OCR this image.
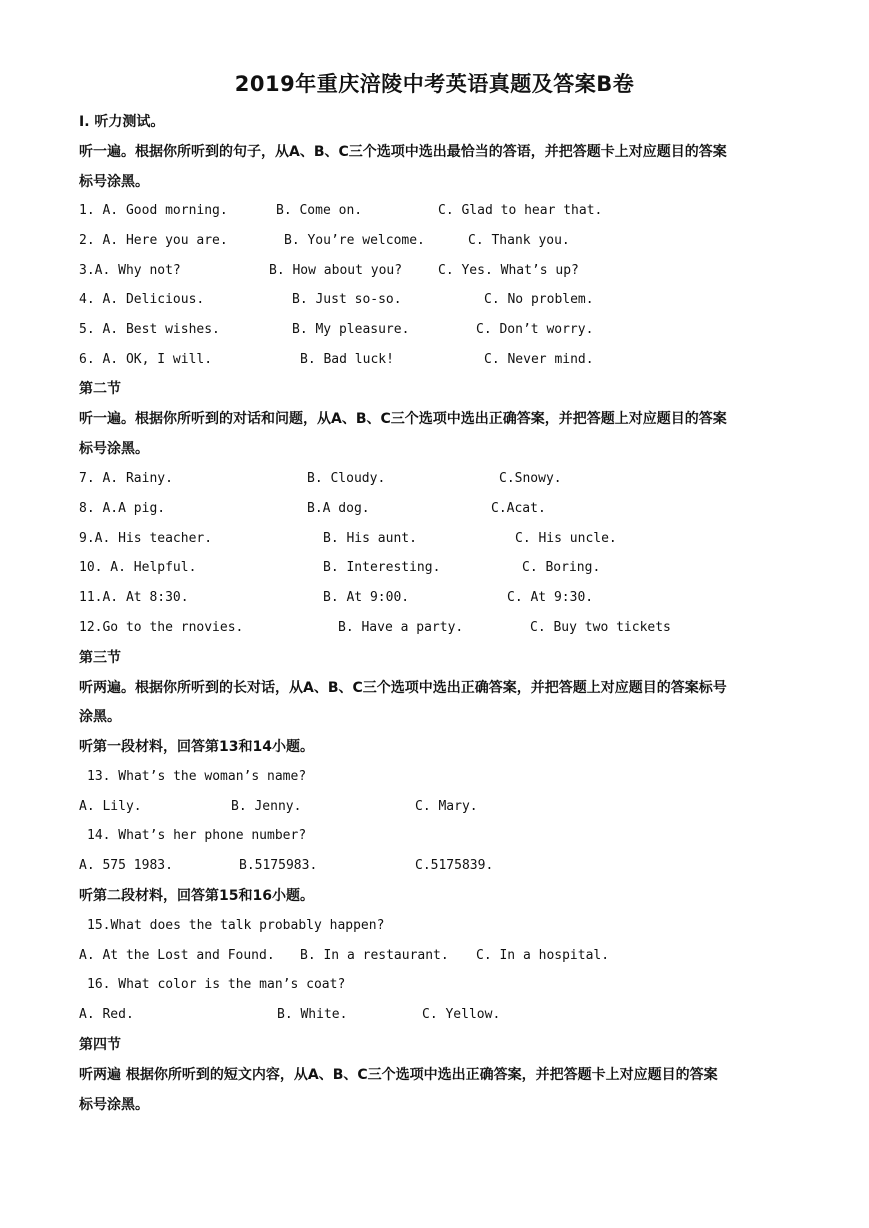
2019年重庆涪陵中考英语真题及答案B卷
I. 听力测试。
听一遍。根据你所听到的句子，从A、B、C三个选项中选出最恰当的答语，并把答题卡上对应题目的答案
标号涂黑。
1. A. Good morning.	B. Come on.	C. Glad to hear that.
2. A. Here you are.	B. You’re welcome.	C. Thank you.
3.A. Why not?	B. How about you?	C. Yes. What’s up?
4. A. Delicious.	B. Just so-so.	C. No problem.
5. A. Best wishes.	B. My pleasure.	C. Don’t worry.
6. A. OK, I will.	B. Bad luck!	C. Never mind.
第二节
听一遍。根据你所听到的对话和问题，从A、B、C三个选项中选出正确答案，并把答题上对应题目的答案
标号涂黑。
7. A. Rainy.	B. Cloudy.	C.Snowy.
8. A.A pig.	B.A dog.	C.Acat.
9.A. His teacher.	B. His aunt.	C. His uncle.
10. A. Helpful.	B. Interesting.	C. Boring.
11.A. At 8:30.	B. At 9:00.	C. At 9:30.
12.Go to the rnovies.	B. Have a party.	C. Buy two tickets
第三节
听两遍。根据你所听到的长对话，从A、B、C三个选项中选出正确答案，并把答题上对应题目的答案标号
涂黑。
听第一段材料，回答第13和14小题。
13. What’s the woman’s name?
A. Lily.	B. Jenny.	C. Mary.
14. What’s her phone number?
A. 575 1983.	B.5175983.	C.5175839.
听第二段材料，回答第15和16小题。
15.What does the talk probably happen?
A. At the Lost and Found. B. In a restaurant. C. In a hospital.
16. What color is the man’s coat?
A. Red.	B. White.	C. Yellow.
第四节
听两遍 根据你所听到的短文内容，从A、B、C三个选项中选出正确答案，并把答题卡上对应题目的答案
标号涂黑。
